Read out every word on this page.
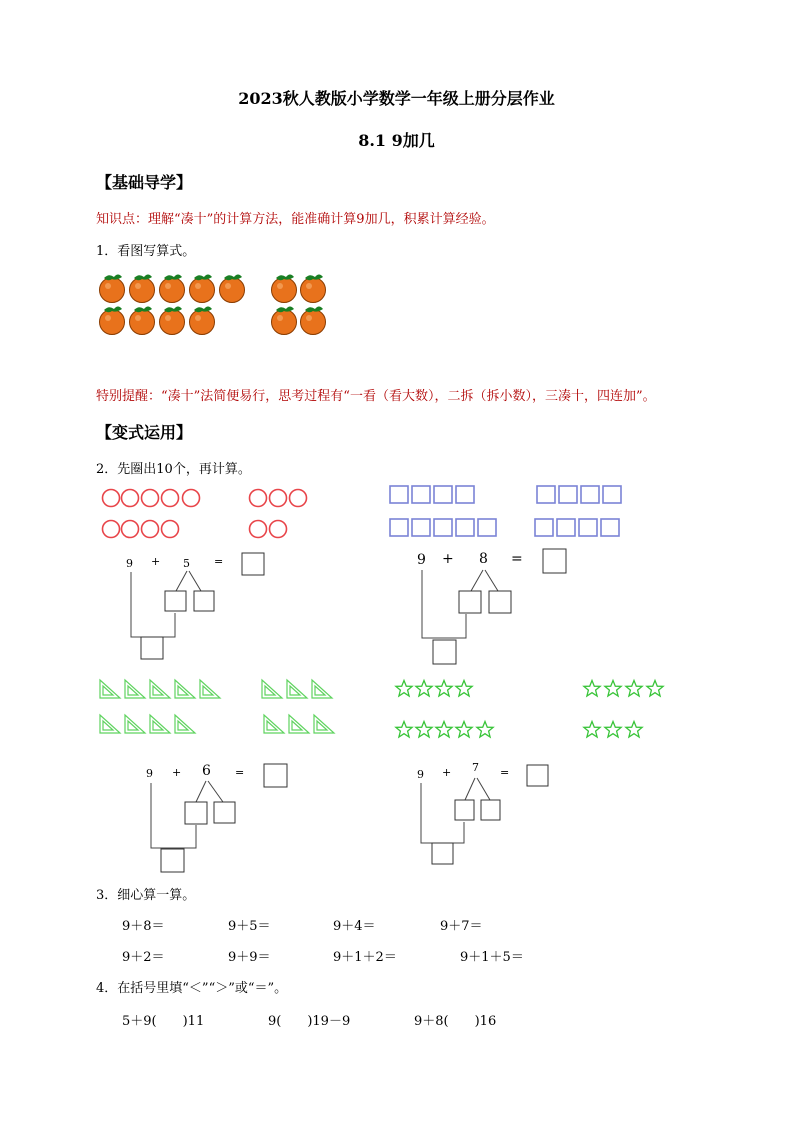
2023秋人教版小学数学一年级上册分层作业
8.1 9加几
【基础导学】
知识点：理解“凑十”的计算方法，能准确计算9加几，积累计算经验。
1．看图写算式。
特别提醒：“凑十”法简便易行，思考过程有“一看（看大数），二拆（拆小数），三凑十，四连加”。
【变式运用】
2．先圈出10个，再计算。
9 + 5 =	9 + 8 =
9 + 6 =	9 + 7 =
3．细心算一算。
9＋8＝	9＋5＝	9＋4＝	9＋7＝
9＋2＝	9＋9＝	9＋1＋2＝	9＋1＋5＝
4．在括号里填“＜”“＞”或“＝”。
5＋9(　　)11	9(　　)19－9	9＋8(　　)16
